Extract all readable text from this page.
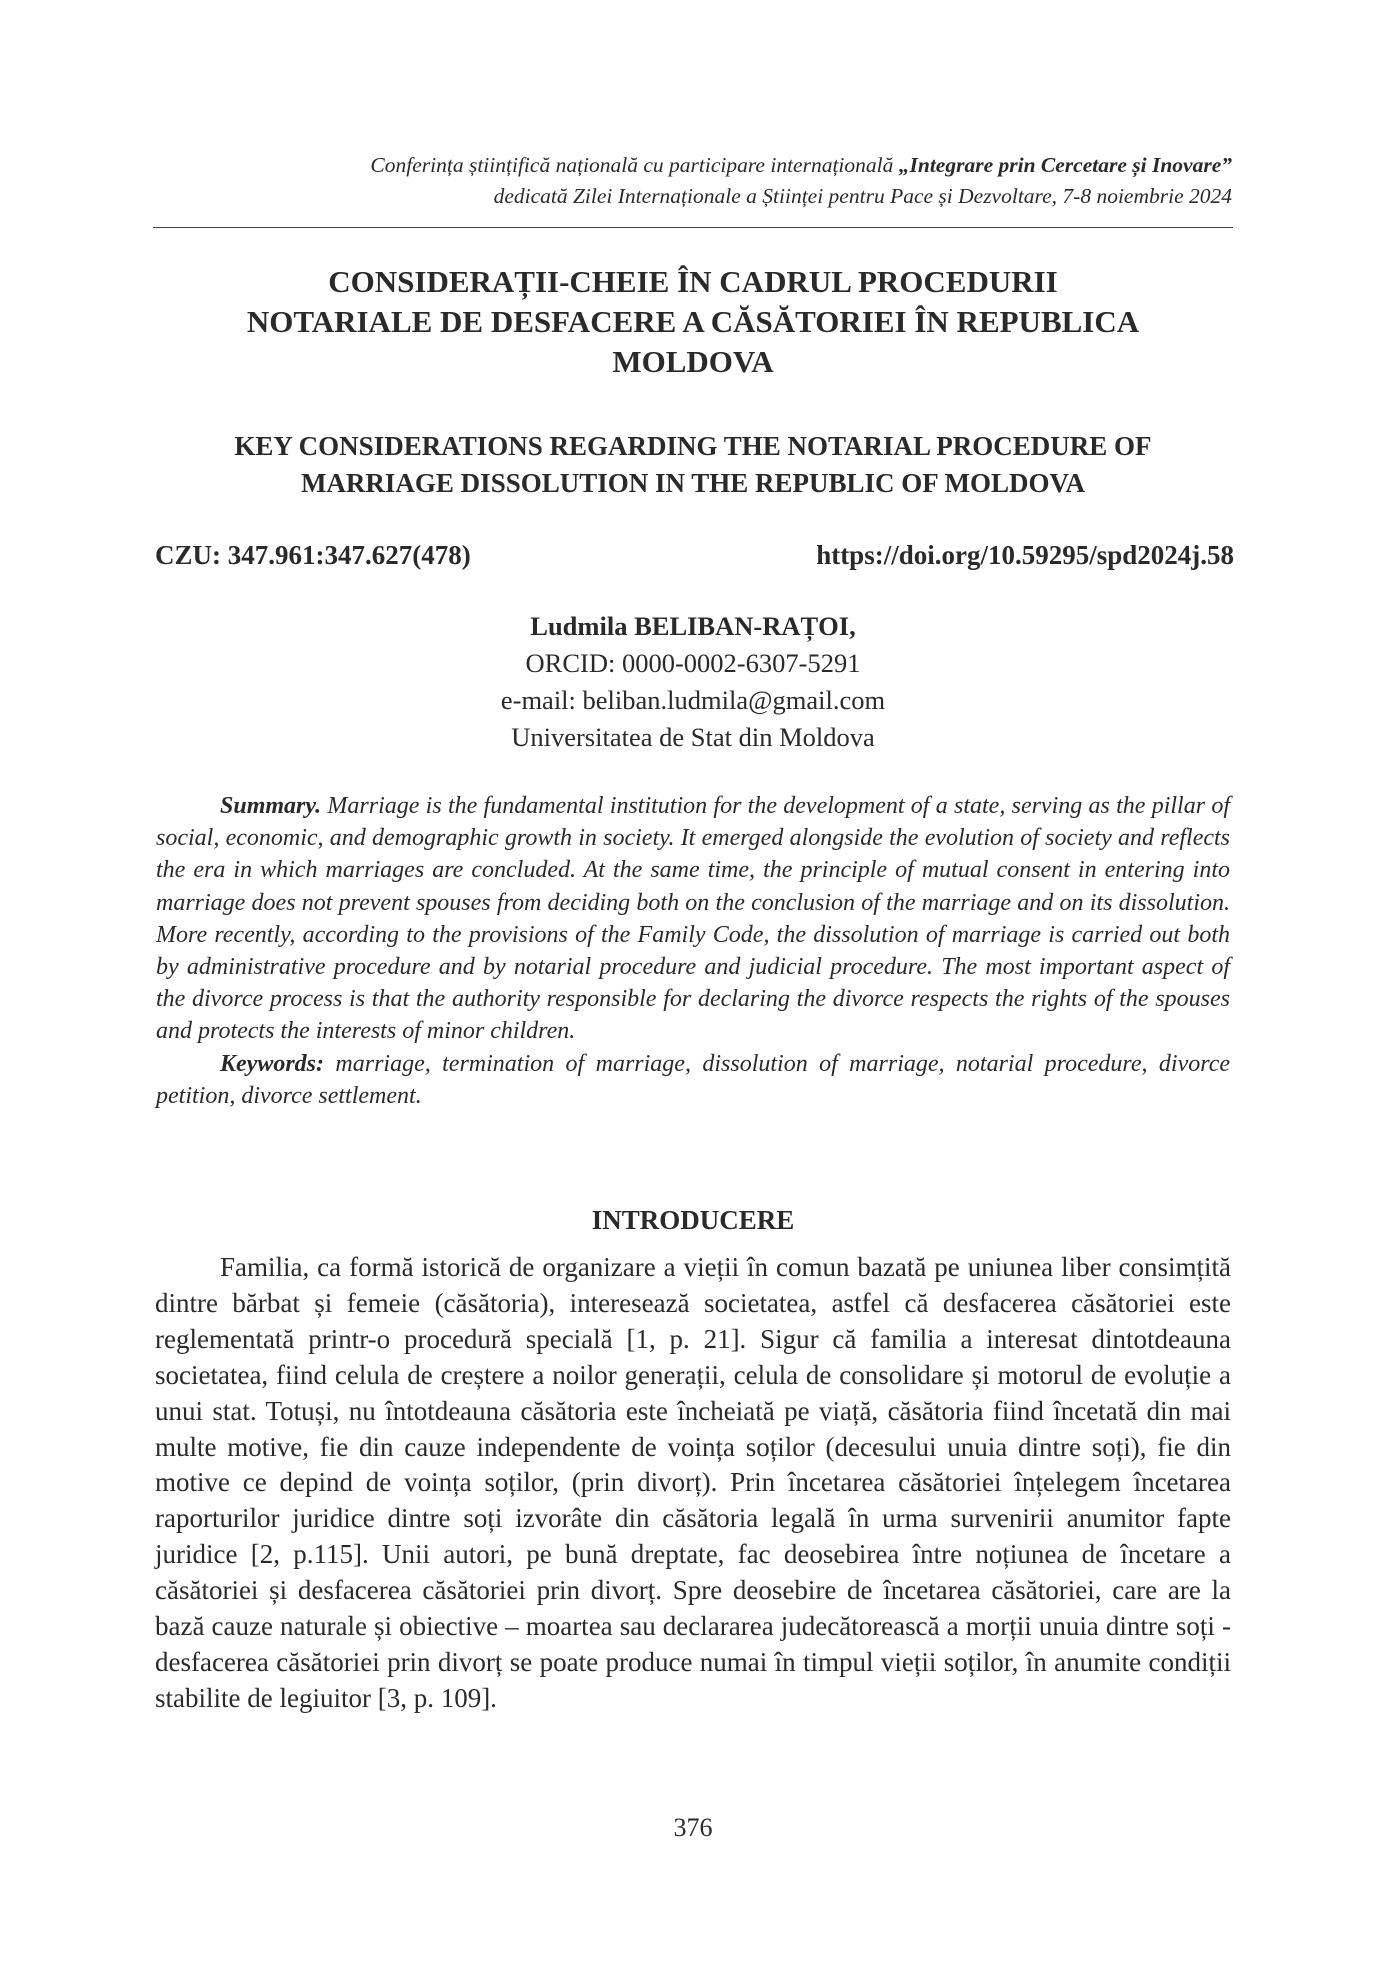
Conferința științifică națională cu participare internațională „Integrare prin Cercetare și Inovare”
dedicată Zilei Internaționale a Științei pentru Pace și Dezvoltare, 7-8 noiembrie 2024
CONSIDERAȚII-CHEIE ÎN CADRUL PROCEDURII
NOTARIALE DE DESFACERE A CĂSĂTORIEI ÎN REPUBLICA
MOLDOVA
KEY CONSIDERATIONS REGARDING THE NOTARIAL PROCEDURE OF
MARRIAGE DISSOLUTION IN THE REPUBLIC OF MOLDOVA
CZU: 347.961:347.627(478)	https://doi.org/10.59295/spd2024j.58
Ludmila BELIBAN-RAȚOI,
ORCID: 0000-0002-6307-5291
e-mail: beliban.ludmila@gmail.com
Universitatea de Stat din Moldova

Summary. Marriage is the fundamental institution for the development of a state, serving as the pillar of social, economic, and demographic growth in society. It emerged alongside the evolution of society and reflects the era in which marriages are concluded. At the same time, the principle of mutual consent in entering into marriage does not prevent spouses from deciding both on the conclusion of the marriage and on its dissolution. More recently, according to the provisions of the Family Code, the dissolution of marriage is carried out both by administrative procedure and by notarial procedure and judicial procedure. The most important aspect of the divorce process is that the authority responsible for declaring the divorce respects the rights of the spouses and protects the interests of minor children.

Keywords: marriage, termination of marriage, dissolution of marriage, notarial procedure, divorce petition, divorce settlement.

INTRODUCERE

Familia, ca formă istorică de organizare a vieții în comun bazată pe uniunea liber consimțită dintre bărbat și femeie (căsătoria), interesează societatea, astfel că desfacerea căsătoriei este reglementată printr-o procedură specială [1, p. 21]. Sigur că familia a interesat dintotdeauna societatea, fiind celula de creștere a noilor generații, celula de consolidare și motorul de evoluție a unui stat. Totuși, nu întotdeauna căsătoria este încheiată pe viață, căsătoria fiind încetată din mai multe motive, fie din cauze independente de voința soților (decesului unuia dintre soți), fie din motive ce depind de voința soților, (prin divorț). Prin încetarea căsătoriei înțelegem încetarea raporturilor juridice dintre soți izvorâte din căsătoria legală în urma survenirii anumitor fapte juridice [2, p.115]. Unii autori, pe bună dreptate, fac deosebirea între noțiunea de încetare a căsătoriei și desfacerea căsătoriei prin divorț. Spre deosebire de încetarea căsătoriei, care are la bază cauze naturale și obiective – moartea sau declararea judecătorească a morții unuia dintre soți - desfacerea căsătoriei prin divorț se poate produce numai în timpul vieții soților, în anumite condiții stabilite de legiuitor [3, p. 109].

376
